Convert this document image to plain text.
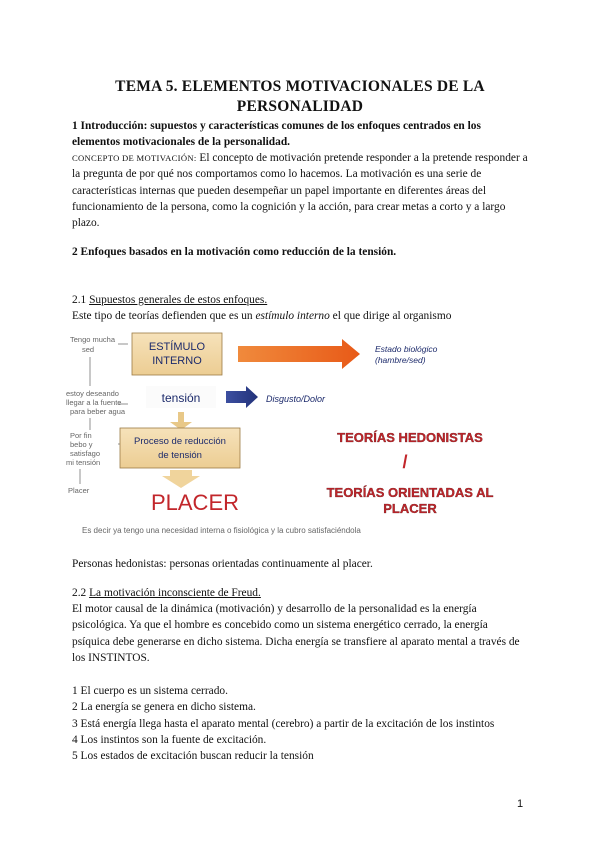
TEMA 5. ELEMENTOS MOTIVACIONALES DE LA PERSONALIDAD
1 Introducción: supuestos y características comunes de los enfoques centrados en los elementos motivacionales de la personalidad.
CONCEPTO DE MOTIVACIÓN: El concepto de motivación pretende responder a la pretende responder a la pregunta de por qué nos comportamos como lo hacemos. La motivación es una serie de características internas que pueden desempeñar un papel importante en diferentes áreas del funcionamiento de la persona, como la cognición y la acción, para crear metas a corto y a largo plazo.
2 Enfoques basados en la motivación como reducción de la tensión.
2.1 Supuestos generales de estos enfoques.
Este tipo de teorías defienden que es un estímulo interno el que dirige al organismo
Tengo mucha
sed
estoy deseando
llegar a la fuente
para beber agua
Por fin
bebo y
satisfago
mi tensión
Placer
ESTÍMULO
INTERNO
Estado biológico
(hambre/sed)
tensión	Disgusto/Dolor
Proceso de reducción
de tensión
PLACER
TEORÍAS HEDONISTAS
/
TEORÍAS ORIENTADAS AL
PLACER
Es decir ya tengo una necesidad interna o fisiológica y la cubro satisfaciéndola
Personas hedonistas: personas orientadas continuamente al placer.
2.2 La motivación inconsciente de Freud.
El motor causal de la dinámica (motivación) y desarrollo de la personalidad es la energía psicológica. Ya que el hombre es concebido como un sistema energético cerrado, la energía psíquica debe generarse en dicho sistema. Dicha energía se transfiere al aparato mental a través de los INSTINTOS.
1 El cuerpo es un sistema cerrado.
2 La energía se genera en dicho sistema.
3 Está energía llega hasta el aparato mental (cerebro) a partir de la excitación de los instintos
4 Los instintos son la fuente de excitación.
5 Los estados de excitación buscan reducir la tensión
1
